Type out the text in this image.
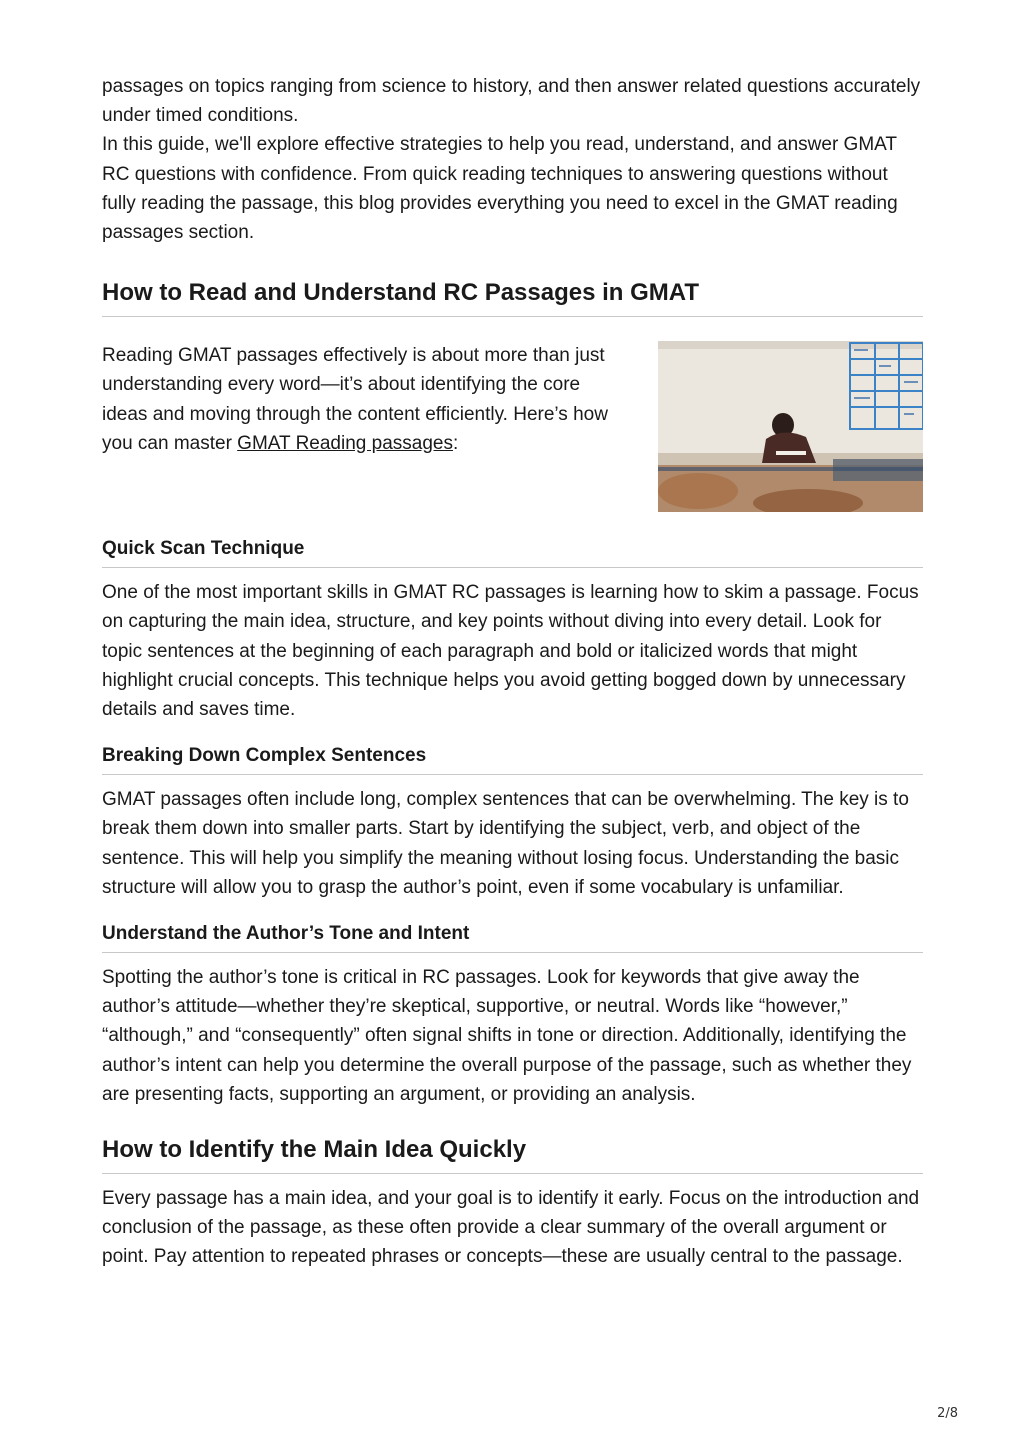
passages on topics ranging from science to history, and then answer related questions accurately under timed conditions.

In this guide, we'll explore effective strategies to help you read, understand, and answer GMAT RC questions with confidence. From quick reading techniques to answering questions without fully reading the passage, this blog provides everything you need to excel in the GMAT reading passages section.

How to Read and Understand RC Passages in GMAT

Reading GMAT passages effectively is about more than just understanding every word—it’s about identifying the core ideas and moving through the content efficiently. Here’s how you can master GMAT Reading passages:

Quick Scan Technique

One of the most important skills in GMAT RC passages is learning how to skim a passage. Focus on capturing the main idea, structure, and key points without diving into every detail. Look for topic sentences at the beginning of each paragraph and bold or italicized words that might highlight crucial concepts. This technique helps you avoid getting bogged down by unnecessary details and saves time.

Breaking Down Complex Sentences

GMAT passages often include long, complex sentences that can be overwhelming. The key is to break them down into smaller parts. Start by identifying the subject, verb, and object of the sentence. This will help you simplify the meaning without losing focus. Understanding the basic structure will allow you to grasp the author’s point, even if some vocabulary is unfamiliar.

Understand the Author’s Tone and Intent

Spotting the author’s tone is critical in RC passages. Look for keywords that give away the author’s attitude—whether they’re skeptical, supportive, or neutral. Words like “however,” “although,” and “consequently” often signal shifts in tone or direction. Additionally, identifying the author’s intent can help you determine the overall purpose of the passage, such as whether they are presenting facts, supporting an argument, or providing an analysis.

How to Identify the Main Idea Quickly

Every passage has a main idea, and your goal is to identify it early. Focus on the introduction and conclusion of the passage, as these often provide a clear summary of the overall argument or point. Pay attention to repeated phrases or concepts—these are usually central to the passage.

2/8
